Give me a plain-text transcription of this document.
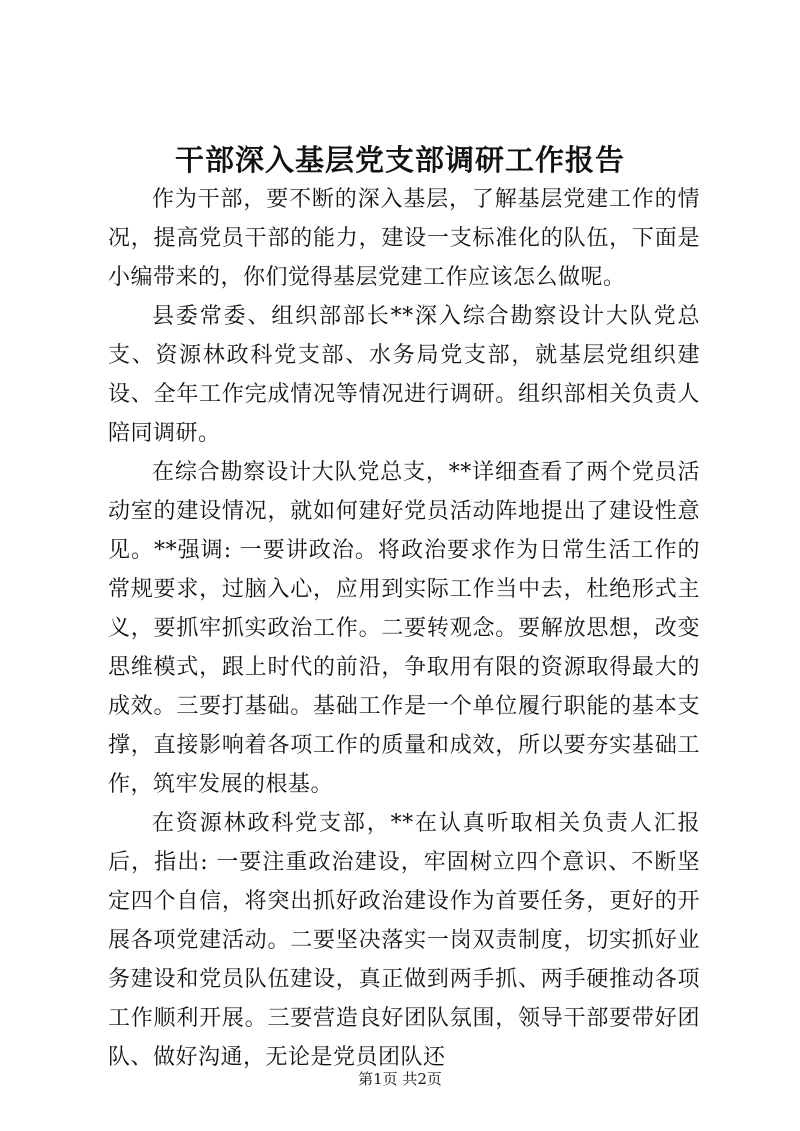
干部深入基层党支部调研工作报告

作为干部，要不断的深入基层，了解基层党建工作的情况，提高党员干部的能力，建设一支标准化的队伍，下面是小编带来的，你们觉得基层党建工作应该怎么做呢。

县委常委、组织部部长**深入综合勘察设计大队党总支、资源林政科党支部、水务局党支部，就基层党组织建设、全年工作完成情况等情况进行调研。组织部相关负责人陪同调研。

在综合勘察设计大队党总支，**详细查看了两个党员活动室的建设情况，就如何建好党员活动阵地提出了建设性意见。**强调: 一要讲政治。将政治要求作为日常生活工作的常规要求，过脑入心，应用到实际工作当中去，杜绝形式主义，要抓牢抓实政治工作。二要转观念。要解放思想，改变思维模式，跟上时代的前沿，争取用有限的资源取得最大的成效。三要打基础。基础工作是一个单位履行职能的基本支撑，直接影响着各项工作的质量和成效，所以要夯实基础工作，筑牢发展的根基。

在资源林政科党支部，**在认真听取相关负责人汇报后，指出: 一要注重政治建设，牢固树立四个意识、不断坚定四个自信，将突出抓好政治建设作为首要任务，更好的开展各项党建活动。二要坚决落实一岗双责制度，切实抓好业务建设和党员队伍建设，真正做到两手抓、两手硬推动各项工作顺利开展。三要营造良好团队氛围，领导干部要带好团队、做好沟通，无论是党员团队还

第1页 共2页
